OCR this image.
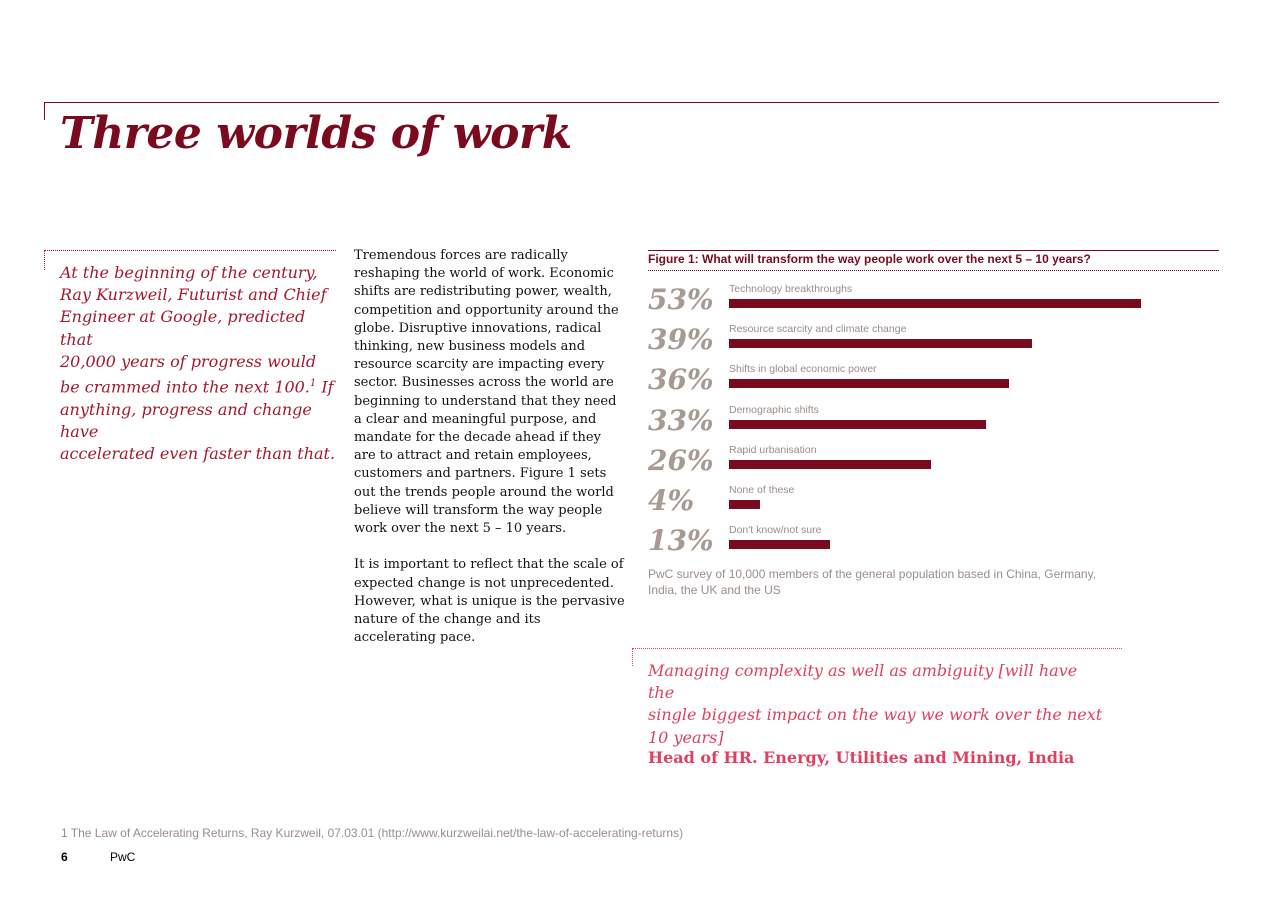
Three worlds of work

At the beginning of the century,
Ray Kurzweil, Futurist and Chief
Engineer at Google, predicted that
20,000 years of progress would
be crammed into the next 100.$^1$ If
anything, progress and change have
accelerated even faster than that.

Tremendous forces are radically reshaping the world of work. Economic shifts are redistributing power, wealth, competition and opportunity around the globe. Disruptive innovations, radical thinking, new business models and resource scarcity are impacting every sector. Businesses across the world are beginning to understand that they need a clear and meaningful purpose, and mandate for the decade ahead if they are to attract and retain employees, customers and partners. Figure 1 sets out the trends people around the world believe will transform the way people work over the next 5 – 10 years.

It is important to reflect that the scale of expected change is not unprecedented. However, what is unique is the pervasive nature of the change and its accelerating pace.

Figure 1: What will transform the way people work over the next 5 – 10 years?
53% Technology breakthroughs
39% Resource scarcity and climate change
36% Shifts in global economic power
33% Demographic shifts
26% Rapid urbanisation
4%	None of these
13% Don't know/not sure
PwC survey of 10,000 members of the general population based in China, Germany, India, the UK and the US

Managing complexity as well as ambiguity [will have the
single biggest impact on the way we work over the next
10 years]

Head of HR. Energy, Utilities and Mining, India
1 The Law of Accelerating Returns, Ray Kurzweil, 07.03.01 (http://www.kurzweilai.net/the-law-of-accelerating-returns)
6	PwC
